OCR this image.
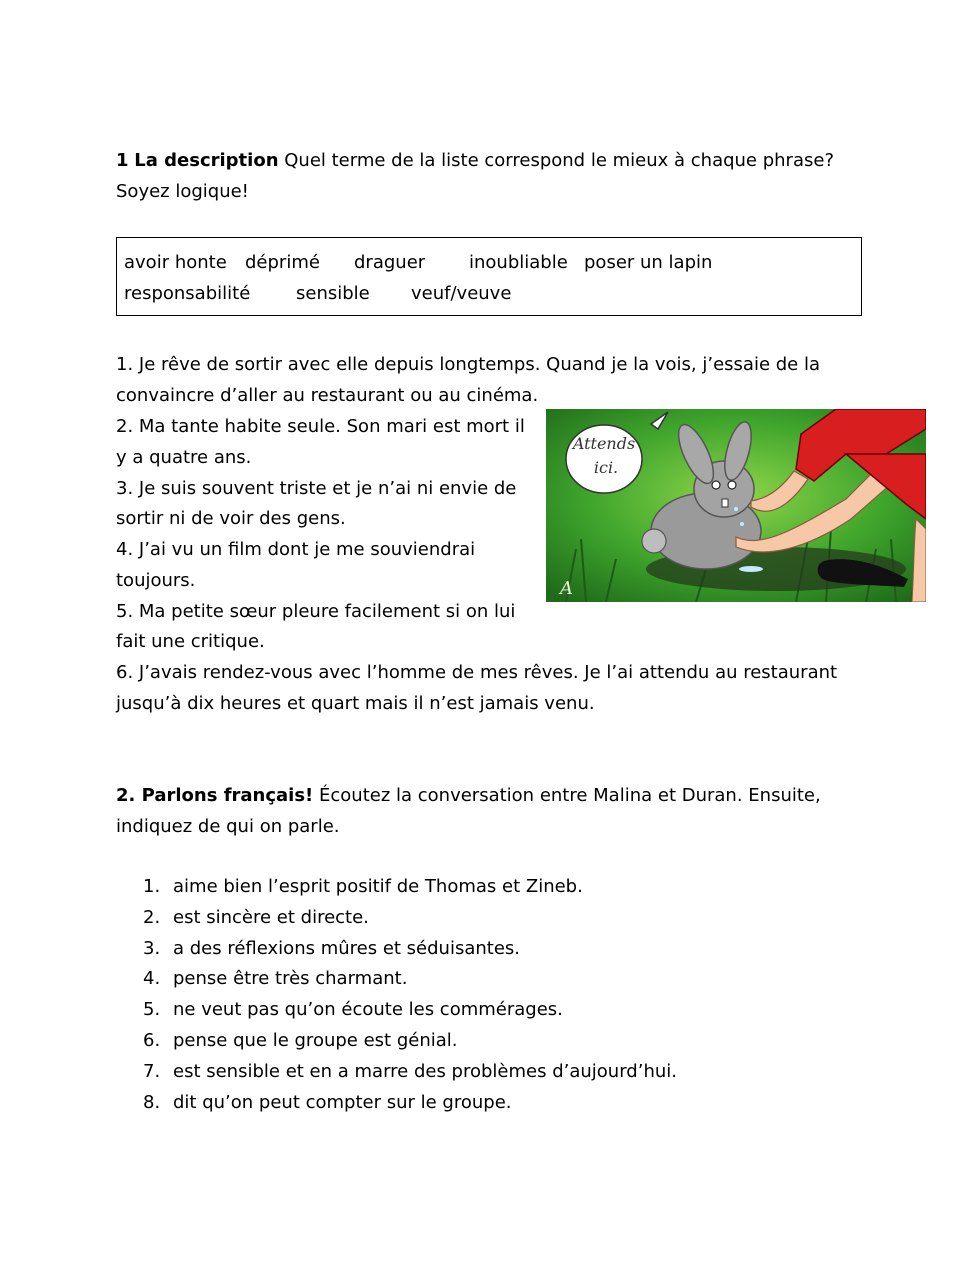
1 La description Quel terme de la liste correspond le mieux à chaque phrase?
Soyez logique!
avoir honte déprimé draguer inoubliable poser un lapin
responsabilité	sensible veuf/veuve
1. Je rêve de sortir avec elle depuis longtemps. Quand je la vois, j’essaie de la
convaincre d’aller au restaurant ou au cinéma.
2. Ma tante habite seule. Son mari est mort il
y a quatre ans.
3. Je suis souvent triste et je n’ai ni envie de
sortir ni de voir des gens.
4. J’ai vu un film dont je me souviendrai
toujours.
5. Ma petite sœur pleure facilement si on lui
fait une critique.
6. J’avais rendez-vous avec l’homme de mes rêves. Je l’ai attendu au restaurant
jusqu’à dix heures et quart mais il n’est jamais venu.
Attends
ici.
A
2. Parlons français! Écoutez la conversation entre Malina et Duran. Ensuite,
indiquez de qui on parle.
1. aime bien l’esprit positif de Thomas et Zineb.
2. est sincère et directe.
3. a des réflexions mûres et séduisantes.
4. pense être très charmant.
5. ne veut pas qu’on écoute les commérages.
6. pense que le groupe est génial.
7. est sensible et en a marre des problèmes d’aujourd’hui.
8. dit qu’on peut compter sur le groupe.
